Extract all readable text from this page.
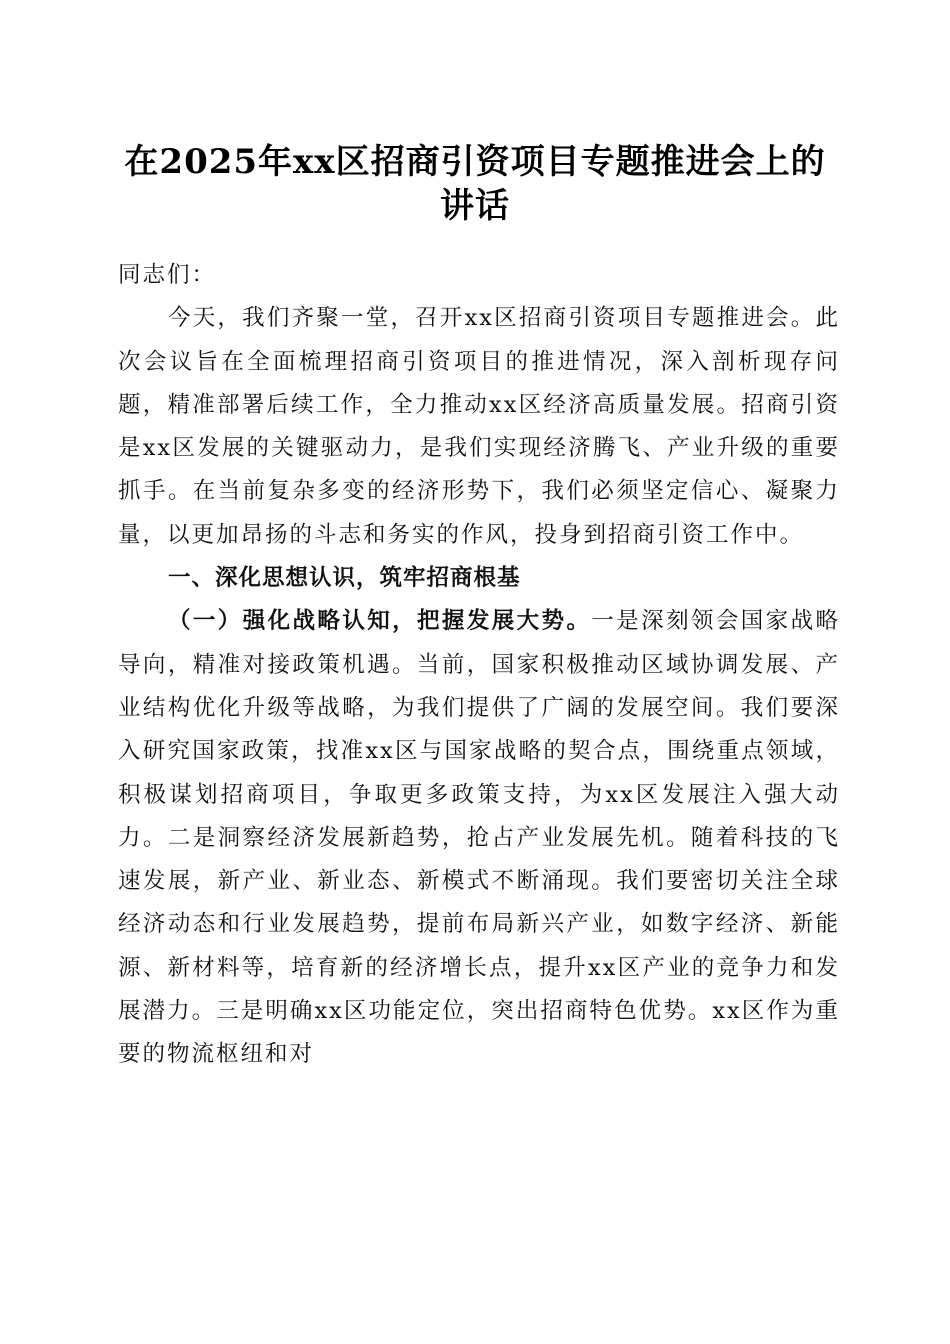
在2025年xx区招商引资项目专题推进会上的
讲话

同志们：

今天，我们齐聚一堂，召开xx区招商引资项目专题推进会。此次会议旨在全面梳理招商引资项目的推进情况，深入剖析现存问题，精准部署后续工作，全力推动xx区经济高质量发展。招商引资是xx区发展的关键驱动力，是我们实现经济腾飞、产业升级的重要抓手。在当前复杂多变的经济形势下，我们必须坚定信心、凝聚力量，以更加昂扬的斗志和务实的作风，投身到招商引资工作中。

一、深化思想认识，筑牢招商根基

（一）强化战略认知，把握发展大势。一是深刻领会国家战略导向，精准对接政策机遇。当前，国家积极推动区域协调发展、产业结构优化升级等战略，为我们提供了广阔的发展空间。我们要深入研究国家政策，找准xx区与国家战略的契合点，围绕重点领域，积极谋划招商项目，争取更多政策支持，为xx区发展注入强大动力。二是洞察经济发展新趋势，抢占产业发展先机。随着科技的飞速发展，新产业、新业态、新模式不断涌现。我们要密切关注全球经济动态和行业发展趋势，提前布局新兴产业，如数字经济、新能源、新材料等，培育新的经济增长点，提升xx区产业的竞争力和发展潜力。三是明确xx区功能定位，突出招商特色优势。xx区作为重要的物流枢纽和对
